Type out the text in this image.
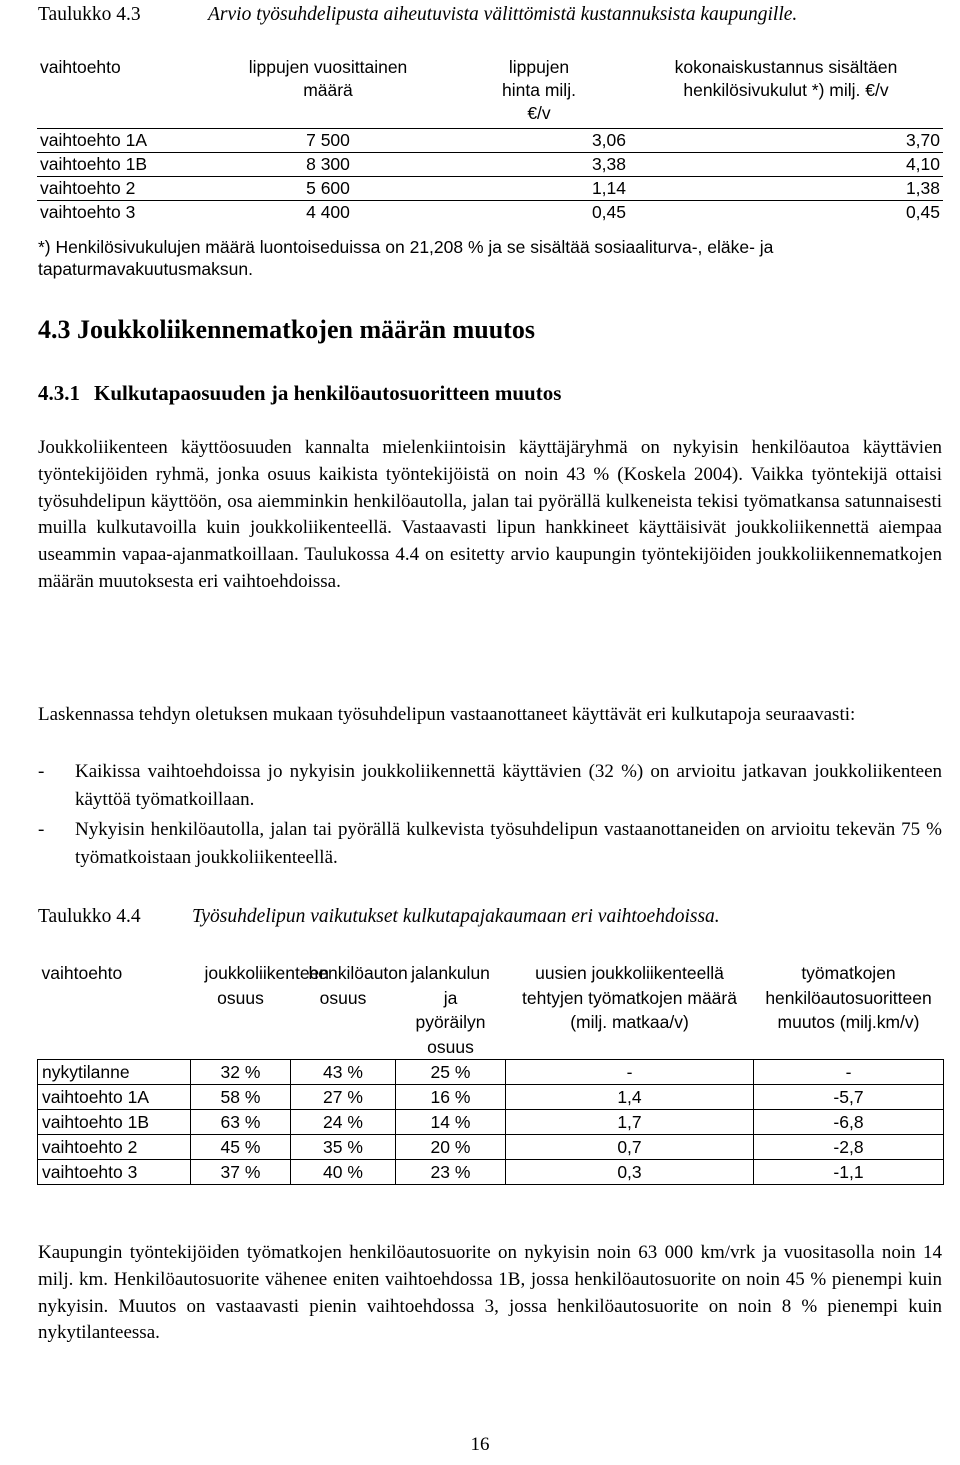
Taulukko 4.3	Arvio työsuhdelipusta aiheutuvista välittömistä kustannuksista kaupungille.
vaihtoehto	lippujen vuosittainen määrä	lippujen hinta milj. €/v	kokonaiskustannus sisältäen henkilösivukulut *) milj. €/v
vaihtoehto 1A	7 500	3,06	3,70
vaihtoehto 1B	8 300	3,38	4,10
vaihtoehto 2	5 600	1,14	1,38
vaihtoehto 3	4 400	0,45	0,45
*) Henkilösivukulujen määrä luontoiseduissa on 21,208 % ja se sisältää sosiaaliturva-, eläke- ja tapaturmavakuutusmaksun.
4.3 Joukkoliikennematkojen määrän muutos
4.3.1 Kulkutapaosuuden ja henkilöautosuoritteen muutos
Joukkoliikenteen käyttöosuuden kannalta mielenkiintoisin käyttäjäryhmä on nykyisin henkilöautoa käyttävien työntekijöiden ryhmä, jonka osuus kaikista työntekijöistä on noin 43 % (Koskela 2004). Vaikka työntekijä ottaisi työsuhdelipun käyttöön, osa aiemminkin henkilöautolla, jalan tai pyörällä kulkeneista tekisi työmatkansa satunnaisesti muilla kulkutavoilla kuin joukkoliikenteellä. Vastaavasti lipun hankkineet käyttäisivät joukkoliikennettä aiempaa useammin vapaa-ajanmatkoillaan. Taulukossa 4.4 on esitetty arvio kaupungin työntekijöiden joukkoliikennematkojen määrän muutoksesta eri vaihtoehdoissa.
Laskennassa tehdyn oletuksen mukaan työsuhdelipun vastaanottaneet käyttävät eri kulkutapoja seuraavasti:
- Kaikissa vaihtoehdoissa jo nykyisin joukkoliikennettä käyttävien (32 %) on arvioitu jatkavan joukkoliikenteen käyttöä työmatkoillaan.
- Nykyisin henkilöautolla, jalan tai pyörällä kulkevista työsuhdelipun vastaanottaneiden on arvioitu tekevän 75 % työmatkoistaan joukkoliikenteellä.
Taulukko 4.4	Työsuhdelipun vaikutukset kulkutapajakaumaan eri vaihtoehdoissa.
vaihtoehto	joukkoliikenteen osuus	henkilöauton osuus	jalankulun ja pyöräilyn osuus	uusien joukkoliikenteellä tehtyjen työmatkojen määrä (milj. matkaa/v)	työmatkojen henkilöautosuoritteen muutos (milj.km/v)
nykytilanne	32 %	43 %	25 %	-	-
vaihtoehto 1A	58 %	27 %	16 %	1,4	-5,7
vaihtoehto 1B	63 %	24 %	14 %	1,7	-6,8
vaihtoehto 2	45 %	35 %	20 %	0,7	-2,8
vaihtoehto 3	37 %	40 %	23 %	0,3	-1,1
Kaupungin työntekijöiden työmatkojen henkilöautosuorite on nykyisin noin 63 000 km/vrk ja vuositasolla noin 14 milj. km. Henkilöautosuorite vähenee eniten vaihtoehdossa 1B, jossa henkilöautosuorite on noin 45 % pienempi kuin nykyisin. Muutos on vastaavasti pienin vaihtoehdossa 3, jossa henkilöautosuorite on noin 8 % pienempi kuin nykytilanteessa.
16
